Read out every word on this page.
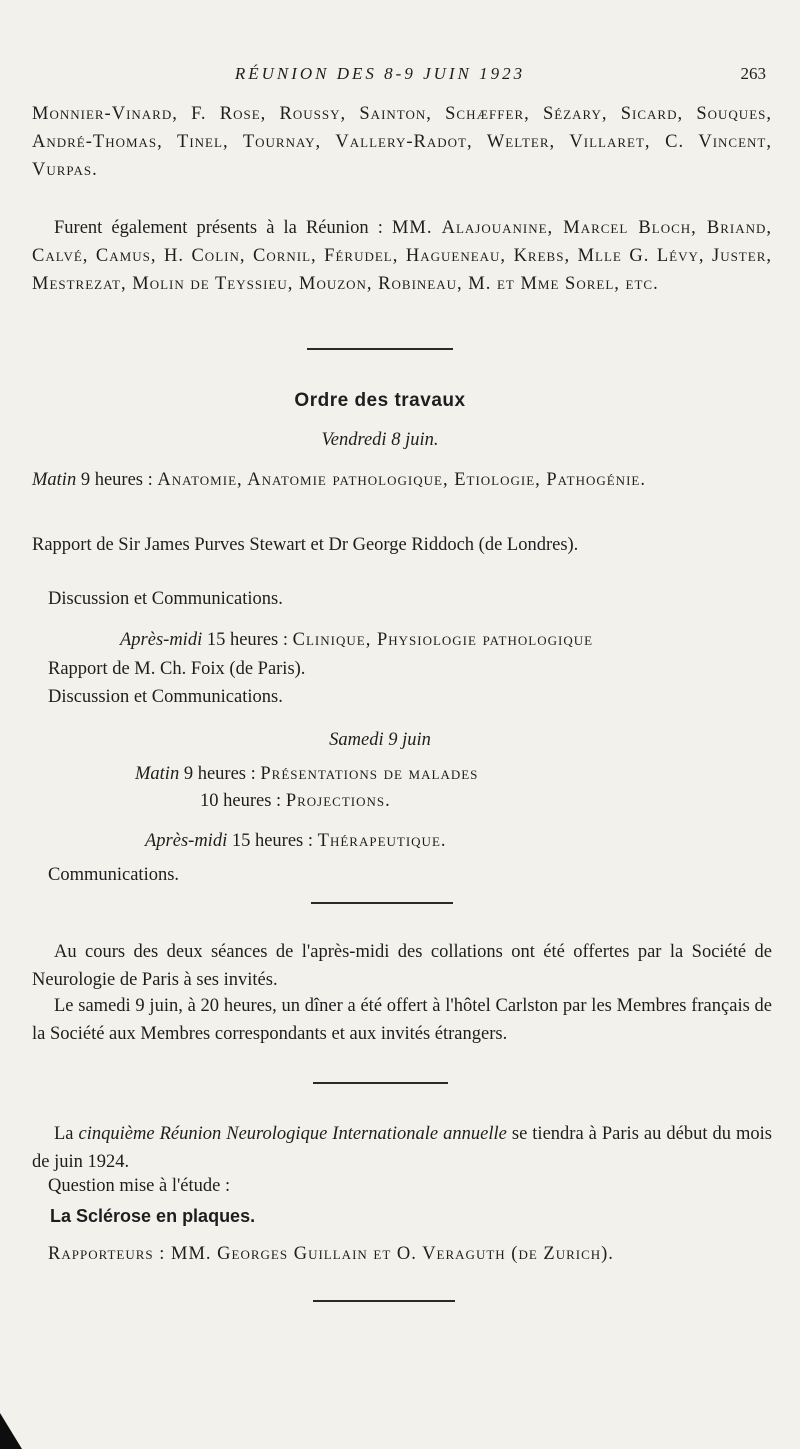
RÉUNION DES 8-9 JUIN 1923	263
Monnier-Vinard, F. Rose, Roussy, Sainton, Schæffer, Sézary, Sicard, Souques, André-Thomas, Tinel, Tournay, Vallery-Radot, Welter, Villaret, C. Vincent, Vurpas.
Furent également présents à la Réunion : MM. Alajouanine, Marcel Bloch, Briand, Calvé, Camus, H. Colin, Cornil, Férudel, Hagueneau, Krebs, Mlle G. Lévy, Juster, Mestrezat, Molin de Teyssieu, Mouzon, Robineau, M. et Mme Sorel, etc.
Ordre des travaux
Vendredi 8 juin.
Matin 9 heures : Anatomie, Anatomie pathologique, Etiologie, Pathogénie.
Rapport de Sir James Purves Stewart et Dr George Riddoch (de Londres).
Discussion et Communications.
Après-midi 15 heures : Clinique, Physiologie pathologique
Rapport de M. Ch. Foix (de Paris).
Discussion et Communications.
Samedi 9 juin
Matin 9 heures : Présentations de malades
10 heures : Projections.
Après-midi 15 heures : Thérapeutique.
Communications.
Au cours des deux séances de l'après-midi des collations ont été offertes par la Société de Neurologie de Paris à ses invités.
Le samedi 9 juin, à 20 heures, un dîner a été offert à l'hôtel Carlston par les Membres français de la Société aux Membres correspondants et aux invités étrangers.
La cinquième Réunion Neurologique Internationale annuelle se tiendra à Paris au début du mois de juin 1924.
Question mise à l'étude :
La Sclérose en plaques.
Rapporteurs : MM. Georges Guillain et O. Veraguth (de Zurich).
